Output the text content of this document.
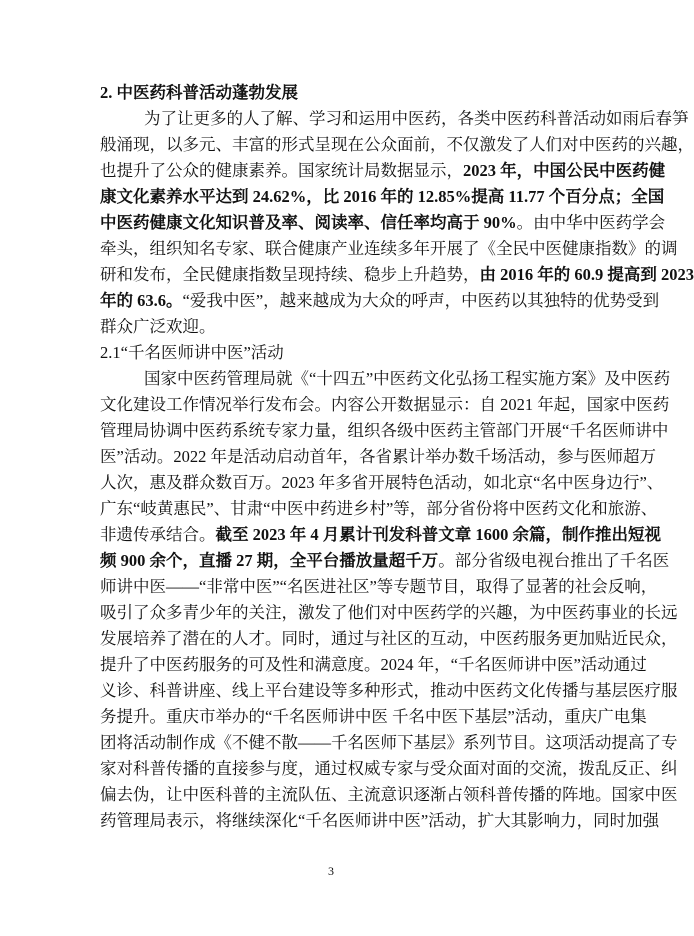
2. 中医药科普活动蓬勃发展
为了让更多的人了解、学习和运用中医药，各类中医药科普活动如雨后春笋
般涌现，以多元、丰富的形式呈现在公众面前，不仅激发了人们对中医药的兴趣，
也提升了公众的健康素养。国家统计局数据显示，2023 年，中国公民中医药健
康文化素养水平达到 24.62%，比 2016 年的 12.85%提高 11.77 个百分点；全国
中医药健康文化知识普及率、阅读率、信任率均高于 90%。由中华中医药学会
牵头，组织知名专家、联合健康产业连续多年开展了《全民中医健康指数》的调
研和发布，全民健康指数呈现持续、稳步上升趋势，由 2016 年的 60.9 提高到 2023
年的 63.6。“爱我中医”，越来越成为大众的呼声，中医药以其独特的优势受到
群众广泛欢迎。
2.1“千名医师讲中医”活动
国家中医药管理局就《“十四五”中医药文化弘扬工程实施方案》及中医药
文化建设工作情况举行发布会。内容公开数据显示：自 2021 年起，国家中医药
管理局协调中医药系统专家力量，组织各级中医药主管部门开展“千名医师讲中
医”活动。2022 年是活动启动首年，各省累计举办数千场活动，参与医师超万
人次，惠及群众数百万。2023 年多省开展特色活动，如北京“名中医身边行”、
广东“岐黄惠民”、甘肃“中医中药进乡村”等，部分省份将中医药文化和旅游、
非遗传承结合。截至 2023 年 4 月累计刊发科普文章 1600 余篇，制作推出短视
频 900 余个，直播 27 期，全平台播放量超千万。部分省级电视台推出了千名医
师讲中医——“非常中医”“名医进社区”等专题节目，取得了显著的社会反响，
吸引了众多青少年的关注，激发了他们对中医药学的兴趣，为中医药事业的长远
发展培养了潜在的人才。同时，通过与社区的互动，中医药服务更加贴近民众，
提升了中医药服务的可及性和满意度。2024 年，“千名医师讲中医”活动通过
义诊、科普讲座、线上平台建设等多种形式，推动中医药文化传播与基层医疗服
务提升。重庆市举办的“千名医师讲中医 千名中医下基层”活动，重庆广电集
团将活动制作成《不健不散——千名医师下基层》系列节目。这项活动提高了专
家对科普传播的直接参与度，通过权威专家与受众面对面的交流，拨乱反正、纠
偏去伪，让中医科普的主流队伍、主流意识逐渐占领科普传播的阵地。国家中医
药管理局表示，将继续深化“千名医师讲中医”活动，扩大其影响力，同时加强
3
